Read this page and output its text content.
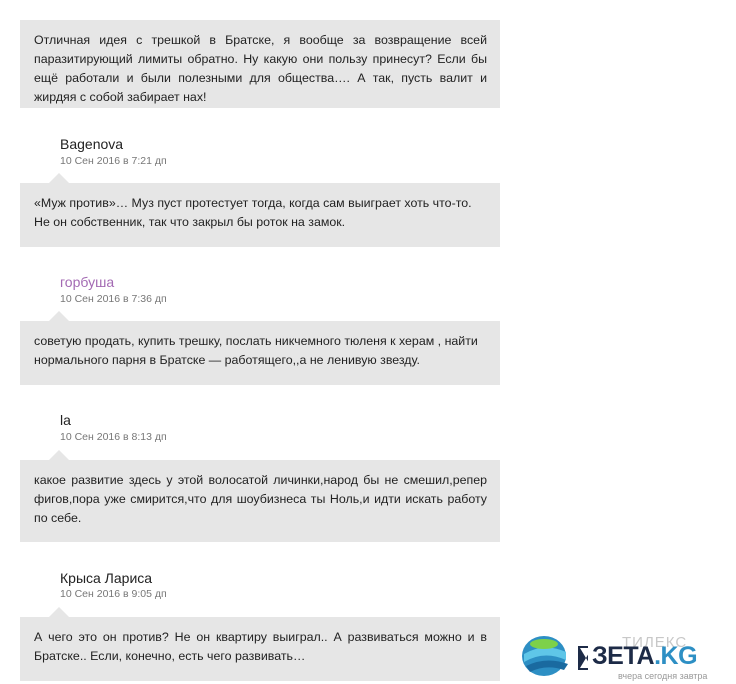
Отличная идея с трешкой в Братске, я вообще за возвращение всей паразитирующий лимиты обратно. Ну какую они пользу принесут? Если бы ещё работали и были полезными для общества…. А так, пусть валит и жирдяя с собой забирает нах!
Bagenova
10 Сен 2016 в 7:21 дп
«Муж против»… Муз пуст протестует тогда, когда сам выиграет хоть что-то. Не он собственник, так что закрыл бы роток на замок.
горбуша
10 Сен 2016 в 7:36 дп
советую продать, купить трешку, послать никчемного тюленя к херам , найти нормального парня в Братске — работящего,,а не ленивую звезду.
la
10 Сен 2016 в 8:13 дп
какое развитие здесь у этой волосатой личинки,народ бы не смешил,репер фигов,пора уже смирится,что для шоубизнеса ты Ноль,и идти искать работу по себе.
Крыса Лариса
10 Сен 2016 в 9:05 дп
А чего это он против? Не он квартиру выиграл.. А развиваться можно и в Братске.. Если, конечно, есть чего развивать…
ТИЛЕКС
ЗЕТА.KG
вчера сегодня завтра
